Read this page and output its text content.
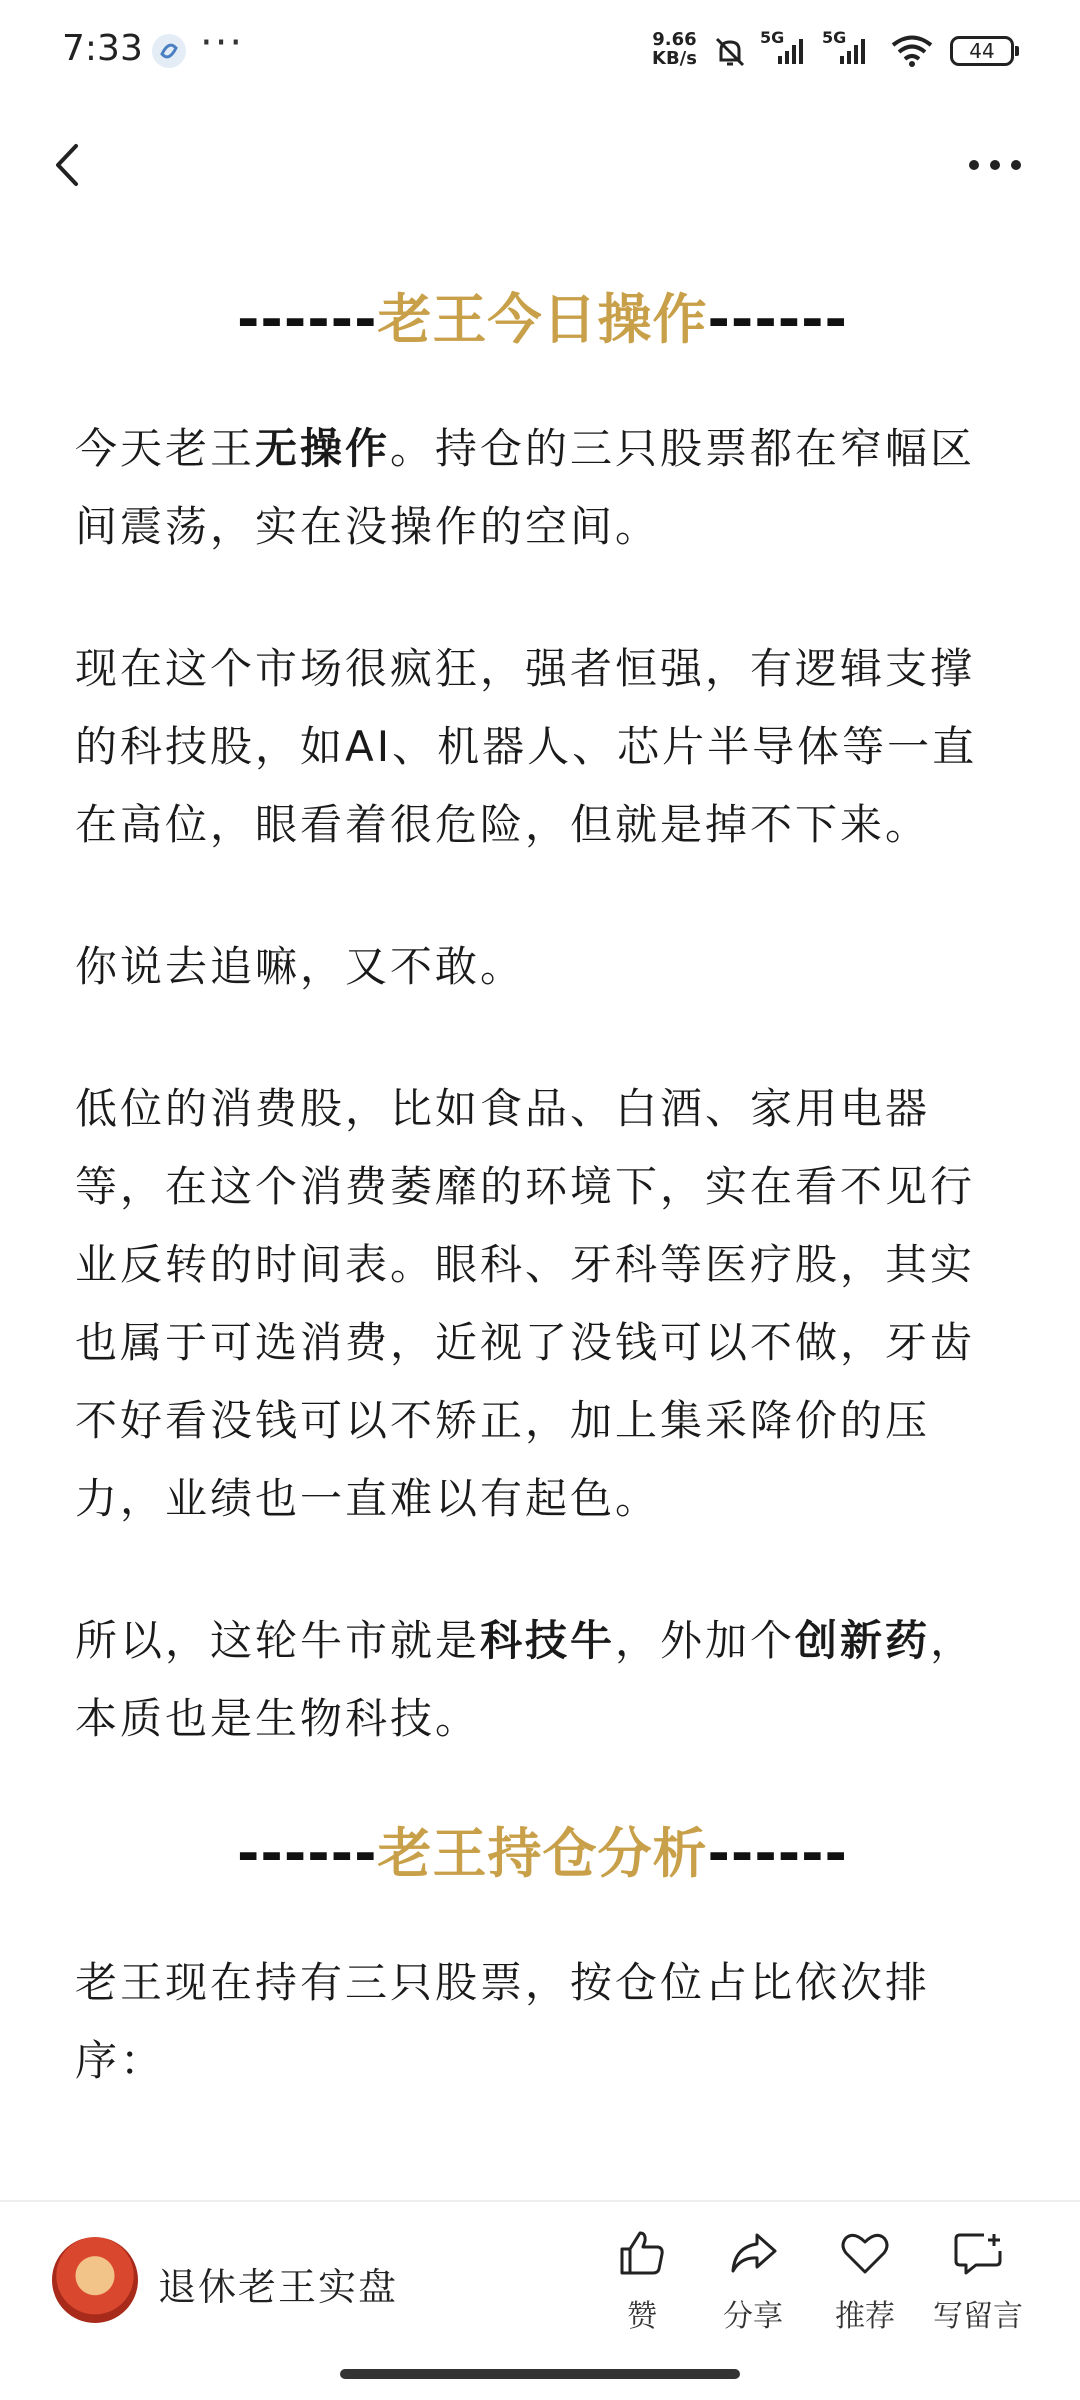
7:33 ···	9.66
KB/s
5G 5G
44
------老王今日操作------

今天老王无操作。持仓的三只股票都在窄幅区间震荡，实在没操作的空间。

现在这个市场很疯狂，强者恒强，有逻辑支撑的科技股，如AI、机器人、芯片半导体等一直在高位，眼看着很危险，但就是掉不下来。

你说去追嘛，又不敢。

低位的消费股，比如食品、白酒、家用电器等，在这个消费萎靡的环境下，实在看不见行业反转的时间表。眼科、牙科等医疗股，其实也属于可选消费，近视了没钱可以不做，牙齿不好看没钱可以不矫正，加上集采降价的压力，业绩也一直难以有起色。

所以，这轮牛市就是科技牛，外加个创新药，本质也是生物科技。

------老王持仓分析------

老王现在持有三只股票，按仓位占比依次排序：

退休老王实盘
赞	分享	推荐	写留言
